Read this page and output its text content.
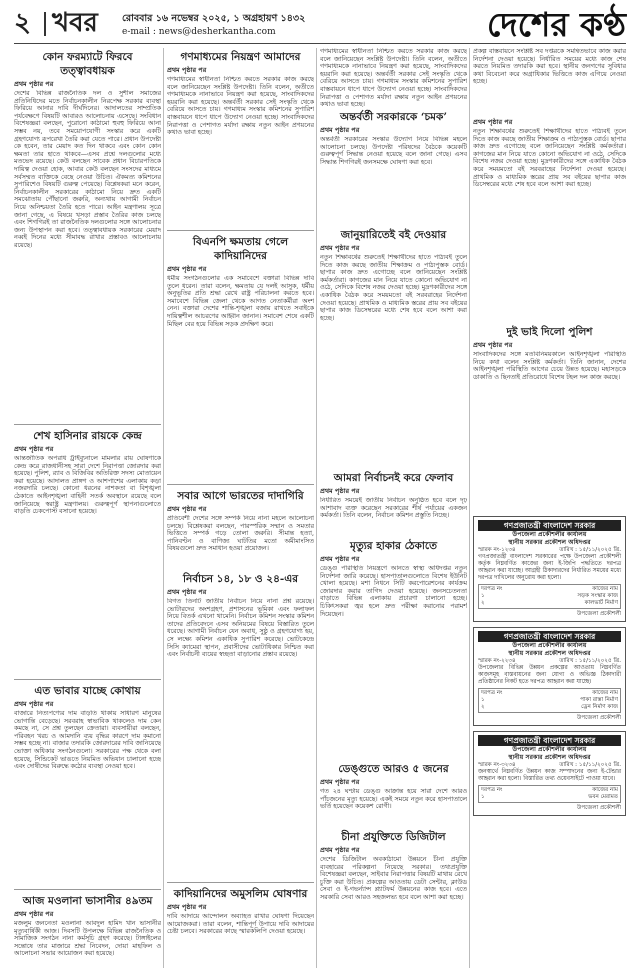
২ খবর	রোববার ১৬ নভেম্বর ২০২৫, ১ অগ্রহায়ণ ১৪৩২
e-mail : news@desherkantha.com	দেশের কণ্ঠ
কোন ফরম্যাটে ফিরবে তত্ত্বাবধায়ক
প্রথম পৃষ্ঠার পর
দেশের বিভিন্ন রাজনৈতিক দল ও সুশীল সমাজের প্রতিনিধিদের মতে নির্বাচনকালীন নিরপেক্ষ সরকার ব্যবস্থা ফিরিয়ে আনার দাবি দীর্ঘদিনের। আদালতের সাম্প্রতিক পর্যবেক্ষণে বিষয়টি আবারও আলোচনায় এসেছে। সংবিধান বিশেষজ্ঞরা বলছেন, পুরোনো কাঠামো হুবহু ফিরিয়ে আনা সম্ভব নয়, তবে সময়োপযোগী সংস্কার করে একটি গ্রহণযোগ্য রূপরেখা তৈরি করা যেতে পারে। প্রধান উপদেষ্টা কে হবেন, তার মেয়াদ কত দিন থাকবে এবং কোন কোন ক্ষমতা তার হাতে থাকবে—এসব প্রশ্নে দলগুলোর মধ্যে মতভেদ রয়েছে। কেউ বলছেন সাবেক প্রধান বিচারপতিকে দায়িত্ব দেওয়া হোক, আবার কেউ বলছেন সংসদের মাধ্যমে সর্বসম্মত ব্যক্তিকে বেছে নেওয়া উচিত। ঐকমত্য কমিশনের সুপারিশেও বিষয়টি গুরুত্ব পেয়েছে। বিশ্লেষকরা মনে করেন, নির্বাচনকালীন সরকারের কাঠামো নিয়ে দ্রুত একটি সমঝোতায় পৌঁছানো জরুরি, অন্যথায় আগামী নির্বাচন নিয়ে অনিশ্চয়তা তৈরি হতে পারে। আইন মন্ত্রণালয় সূত্রে জানা গেছে, এ বিষয়ে খসড়া প্রস্তাব তৈরির কাজ চলছে এবং শিগগিরই তা রাজনৈতিক দলগুলোর সঙ্গে আলোচনার জন্য উপস্থাপন করা হবে। তত্ত্বাবধায়ক সরকারের মেয়াদ নব্বই দিনের মধ্যে সীমাবদ্ধ রাখার প্রস্তাবও আলোচনায় রয়েছে।
শেখ হাসিনার রায়কে কেন্দ্র
প্রথম পৃষ্ঠার পর
আন্তর্জাতিক অপরাধ ট্রাইব্যুনালে মামলার রায় ঘোষণাকে কেন্দ্র করে রাজধানীসহ সারা দেশে নিরাপত্তা জোরদার করা হয়েছে। পুলিশ, র‍্যাব ও বিজিবির অতিরিক্ত সদস্য মোতায়েন করা হয়েছে। আদালত প্রাঙ্গণ ও আশপাশের এলাকায় কড়া নজরদারি চলছে। কোনো ধরনের নাশকতা বা বিশৃঙ্খলা ঠেকাতে আইনশৃঙ্খলা বাহিনী সতর্ক অবস্থানে রয়েছে বলে জানিয়েছে স্বরাষ্ট্র মন্ত্রণালয়। গুরুত্বপূর্ণ স্থাপনাগুলোতে বাড়তি চেকপোস্ট বসানো হয়েছে।
এত ভাবার যাচ্ছে কোথায়
প্রথম পৃষ্ঠার পর
বাজারে নিত্যপণ্যের দাম বাড়তি থাকায় সাধারণ মানুষের ভোগান্তি বেড়েছে। সরবরাহ স্বাভাবিক থাকলেও দাম কেন কমছে না, সে প্রশ্ন তুলছেন ক্রেতারা। ব্যবসায়ীরা বলছেন, পরিবহন খরচ ও আমদানি ব্যয় বৃদ্ধির কারণে দাম কমানো সম্ভব হচ্ছে না। বাজার তদারকি জোরদারের দাবি জানিয়েছে ভোক্তা অধিকার সংগঠনগুলো। সরকারের পক্ষ থেকে বলা হয়েছে, সিন্ডিকেট ভাঙতে নিয়মিত অভিযান চালানো হচ্ছে এবং দোষীদের বিরুদ্ধে কঠোর ব্যবস্থা নেওয়া হবে।
আজ মওলানা ভাসানীর ৪৯তম
প্রথম পৃষ্ঠার পর
মজলুম জননেতা মওলানা আবদুল হামিদ খান ভাসানীর মৃত্যুবার্ষিকী আজ। দিবসটি উপলক্ষে বিভিন্ন রাজনৈতিক ও সামাজিক সংগঠন নানা কর্মসূচি গ্রহণ করেছে। টাঙ্গাইলের সন্তোষে তার মাজারে শ্রদ্ধা নিবেদন, দোয়া মাহফিল ও আলোচনা সভার আয়োজন করা হয়েছে।
গণমাধ্যমের নিয়ন্ত্রণ আমাদের
প্রথম পৃষ্ঠার পর
গণমাধ্যমের স্বাধীনতা নিশ্চিত করতে সরকার কাজ করছে বলে জানিয়েছেন সংশ্লিষ্ট উপদেষ্টা। তিনি বলেন, অতীতে গণমাধ্যমকে নানাভাবে নিয়ন্ত্রণ করা হয়েছে, সাংবাদিকদের হয়রানি করা হয়েছে। অন্তর্বর্তী সরকার সেই সংস্কৃতি থেকে বেরিয়ে আসতে চায়। গণমাধ্যম সংস্কার কমিশনের সুপারিশ বাস্তবায়নে ধাপে ধাপে উদ্যোগ নেওয়া হচ্ছে। সাংবাদিকদের নিরাপত্তা ও পেশাগত মর্যাদা রক্ষায় নতুন আইন প্রণয়নের কথাও ভাবা হচ্ছে।
বিএনপি ক্ষমতায় গেলে কাদিয়ানিদের
প্রথম পৃষ্ঠার পর
ধর্মীয় সংগঠনগুলোর এক সমাবেশে বক্তারা বিভিন্ন দাবি তুলে ধরেন। তারা বলেন, ক্ষমতায় যে দলই আসুক, ধর্মীয় অনুভূতির প্রতি শ্রদ্ধা রেখে রাষ্ট্র পরিচালনা করতে হবে। সমাবেশে বিভিন্ন জেলা থেকে আগত নেতাকর্মীরা অংশ নেন। বক্তারা দেশের শান্তি-শৃঙ্খলা বজায় রাখতে সবাইকে দায়িত্বশীল আচরণের আহ্বান জানান। সমাবেশ শেষে একটি মিছিল বের হয়ে বিভিন্ন সড়ক প্রদক্ষিণ করে।
সবার আগে ভারতের দাদাগিরি
প্রথম পৃষ্ঠার পর
প্রতিবেশী দেশের সঙ্গে সম্পর্ক নিয়ে নানা মহলে আলোচনা চলছে। বিশ্লেষকরা বলছেন, পারস্পরিক সম্মান ও সমতার ভিত্তিতে সম্পর্ক গড়ে তোলা জরুরি। সীমান্ত হত্যা, পানিবণ্টন ও বাণিজ্য ঘাটতির মতো অমীমাংসিত বিষয়গুলো দ্রুত সমাধান হওয়া প্রয়োজন।
নির্বাচন ১৪, ১৮ ও ২৪-এর
প্রথম পৃষ্ঠার পর
বিগত তিনটি জাতীয় নির্বাচন নিয়ে নানা প্রশ্ন রয়েছে। ভোটারদের অংশগ্রহণ, প্রশাসনের ভূমিকা এবং ফলাফল নিয়ে বিতর্ক এখনো থামেনি। নির্বাচন কমিশন সংস্কার কমিশন তাদের প্রতিবেদনে এসব অনিয়মের বিষয়ে বিস্তারিত তুলে ধরেছে। আগামী নির্বাচন যেন অবাধ, সুষ্ঠু ও গ্রহণযোগ্য হয়, সে লক্ষ্যে কমিশন একাধিক সুপারিশ করেছে। ভোটকেন্দ্রে সিসি ক্যামেরা স্থাপন, প্রবাসীদের ভোটাধিকার নিশ্চিত করা এবং নির্বাচনী ব্যয়ের স্বচ্ছতা বাড়ানোর প্রস্তাব রয়েছে।
কাদিয়ানিদের অমুসলিম ঘোষণার
প্রথম পৃষ্ঠার পর
দাবি আদায়ে আন্দোলন অব্যাহত রাখার ঘোষণা দিয়েছেন আয়োজকরা। তারা বলেন, শান্তিপূর্ণ উপায়ে দাবি আদায়ের চেষ্টা চলবে। সরকারের কাছে স্মারকলিপি দেওয়া হয়েছে।
গণমাধ্যমের স্বাধীনতা নিশ্চিত করতে সরকার কাজ করছে বলে জানিয়েছেন সংশ্লিষ্ট উপদেষ্টা। তিনি বলেন, অতীতে গণমাধ্যমকে নানাভাবে নিয়ন্ত্রণ করা হয়েছে, সাংবাদিকদের হয়রানি করা হয়েছে। অন্তর্বর্তী সরকার সেই সংস্কৃতি থেকে বেরিয়ে আসতে চায়। গণমাধ্যম সংস্কার কমিশনের সুপারিশ বাস্তবায়নে ধাপে ধাপে উদ্যোগ নেওয়া হচ্ছে। সাংবাদিকদের নিরাপত্তা ও পেশাগত মর্যাদা রক্ষায় নতুন আইন প্রণয়নের কথাও ভাবা হচ্ছে।
অন্তর্বর্তী সরকারকে ‘চমক’
প্রথম পৃষ্ঠার পর
অন্তর্বর্তী সরকারের সংস্কার উদ্যোগ নিয়ে বিভিন্ন মহলে আলোচনা চলছে। উপদেষ্টা পরিষদের বৈঠকে কয়েকটি গুরুত্বপূর্ণ সিদ্ধান্ত নেওয়া হয়েছে বলে জানা গেছে। এসব সিদ্ধান্ত শিগগিরই জনসমক্ষে ঘোষণা করা হবে।
জানুয়ারিতেই বই দেওয়ার
প্রথম পৃষ্ঠার পর
নতুন শিক্ষাবর্ষের শুরুতেই শিক্ষার্থীদের হাতে পাঠ্যবই তুলে দিতে কাজ করছে জাতীয় শিক্ষাক্রম ও পাঠ্যপুস্তক বোর্ড। ছাপার কাজ দ্রুত এগোচ্ছে বলে জানিয়েছেন সংশ্লিষ্ট কর্মকর্তারা। কাগজের মান নিয়ে যাতে কোনো অভিযোগ না ওঠে, সেদিকে বিশেষ নজর দেওয়া হচ্ছে। মুদ্রণকারীদের সঙ্গে একাধিক বৈঠক করে সময়মতো বই সরবরাহের নির্দেশনা দেওয়া হয়েছে। প্রাথমিক ও মাধ্যমিক স্তরের প্রায় সব বইয়ের ছাপার কাজ ডিসেম্বরের মধ্যে শেষ হবে বলে আশা করা হচ্ছে।
আমরা নির্বাচনই করে ফেলাব
প্রথম পৃষ্ঠার পর
নির্ধারিত সময়েই জাতীয় নির্বাচন অনুষ্ঠিত হবে বলে দৃঢ় আশাবাদ ব্যক্ত করেছেন সরকারের শীর্ষ পর্যায়ের একজন কর্মকর্তা। তিনি বলেন, নির্বাচন কমিশন প্রস্তুতি নিচ্ছে।
মৃত্যুর হাকার ঠেকাতে
প্রথম পৃষ্ঠার পর
ডেঙ্গু পরিস্থিতি নিয়ন্ত্রণে আনতে স্বাস্থ্য অধিদপ্তর নতুন নির্দেশনা জারি করেছে। হাসপাতালগুলোতে বিশেষ ইউনিট খোলা হয়েছে। মশা নিধনে সিটি করপোরেশনের কার্যক্রম জোরদার করার তাগিদ দেওয়া হয়েছে। জনসচেতনতা বাড়াতে বিভিন্ন এলাকায় প্রচারণা চালানো হচ্ছে। চিকিৎসকরা জ্বর হলে দ্রুত পরীক্ষা করানোর পরামর্শ দিয়েছেন।
ডেঙ্গুতে আরও ৫ জনের
প্রথম পৃষ্ঠার পর
গত ২৪ ঘণ্টায় ডেঙ্গু আক্রান্ত হয়ে সারা দেশে আরও পাঁচজনের মৃত্যু হয়েছে। একই সময়ে নতুন করে হাসপাতালে ভর্তি হয়েছেন কয়েকশ রোগী।
চীনা প্রযুক্তিতে ডিজিটাল
প্রথম পৃষ্ঠার পর
দেশের ডিজিটাল অবকাঠামো উন্নয়নে চীনা প্রযুক্তি ব্যবহারের পরিকল্পনা নিয়েছে সরকার। তথ্যপ্রযুক্তি বিশেষজ্ঞরা বলছেন, সাইবার নিরাপত্তার বিষয়টি মাথায় রেখে চুক্তি করা উচিত। প্রকল্পের আওতায় ডেটা সেন্টার, ক্লাউড সেবা ও ই-গভর্ন্যান্স প্ল্যাটফর্ম উন্নয়নের কাজ হবে। এতে সরকারি সেবা আরও সহজলভ্য হবে বলে আশা করা হচ্ছে।
প্রকল্প বাস্তবায়নে সংশ্লিষ্ট সব দপ্তরকে সমন্বিতভাবে কাজ করার নির্দেশনা দেওয়া হয়েছে। নির্ধারিত সময়ের মধ্যে কাজ শেষ করতে নিয়মিত তদারকি করা হবে। স্থানীয় জনগণের সুবিধার কথা বিবেচনা করে অগ্রাধিকার ভিত্তিতে কাজ এগিয়ে নেওয়া হচ্ছে।
প্রথম পৃষ্ঠার পর
নতুন শিক্ষাবর্ষের শুরুতেই শিক্ষার্থীদের হাতে পাঠ্যবই তুলে দিতে কাজ করছে জাতীয় শিক্ষাক্রম ও পাঠ্যপুস্তক বোর্ড। ছাপার কাজ দ্রুত এগোচ্ছে বলে জানিয়েছেন সংশ্লিষ্ট কর্মকর্তারা। কাগজের মান নিয়ে যাতে কোনো অভিযোগ না ওঠে, সেদিকে বিশেষ নজর দেওয়া হচ্ছে। মুদ্রণকারীদের সঙ্গে একাধিক বৈঠক করে সময়মতো বই সরবরাহের নির্দেশনা দেওয়া হয়েছে। প্রাথমিক ও মাধ্যমিক স্তরের প্রায় সব বইয়ের ছাপার কাজ ডিসেম্বরের মধ্যে শেষ হবে বলে আশা করা হচ্ছে।
দুই ভাই দিলো পুলিশ
প্রথম পৃষ্ঠার পর
সাংবাদিকদের সঙ্গে মতবিনিময়কালে আইনশৃঙ্খলা পরিস্থিতি নিয়ে কথা বলেন সংশ্লিষ্ট কর্মকর্তা। তিনি জানান, দেশের আইনশৃঙ্খলা পরিস্থিতি আগের চেয়ে উন্নত হয়েছে। মহাসড়কে ডাকাতি ও ছিনতাই প্রতিরোধে বিশেষ টহল দল কাজ করছে।
গণপ্রজাতন্ত্রী বাংলাদেশ সরকার
উপজেলা প্রকৌশলীর কার্যালয়
স্থানীয় সরকার প্রকৌশল অধিদপ্তর
স্মারক নং-১২৩৪	তারিখ : ১৫/১১/২০২৫ খ্রি.
গণপ্রজাতন্ত্রী বাংলাদেশ সরকারের পক্ষে উপজেলা প্রকৌশলী কর্তৃক নিম্নবর্ণিত কাজের জন্য ই-জিপি পদ্ধতিতে দরপত্র আহ্বান করা যাচ্ছে। আগ্রহী ঠিকাদারদের নির্ধারিত সময়ের মধ্যে দরপত্র দাখিলের অনুরোধ করা হলো।
দরপত্র নং	কাজের নাম
১	সড়ক সংস্কার কাজ
২	কালভার্ট নির্মাণ
উপজেলা প্রকৌশলী
গণপ্রজাতন্ত্রী বাংলাদেশ সরকার
উপজেলা প্রকৌশলীর কার্যালয়
স্থানীয় সরকার প্রকৌশল অধিদপ্তর
স্মারক নং-২২৩৪	তারিখ : ১৫/১১/২০২৫ খ্রি.
উপজেলার বিভিন্ন উন্নয়ন প্রকল্পের আওতায় নিম্নবর্ণিত কাজসমূহ বাস্তবায়নের জন্য যোগ্য ও অভিজ্ঞ ঠিকাদারী প্রতিষ্ঠানের নিকট হতে দরপত্র আহ্বান করা যাচ্ছে।
দরপত্র নং	কাজের নাম
১	পাকা রাস্তা নির্মাণ
২	ড্রেন নির্মাণ কাজ
উপজেলা প্রকৌশলী
গণপ্রজাতন্ত্রী বাংলাদেশ সরকার
উপজেলা প্রকৌশলীর কার্যালয়
স্থানীয় সরকার প্রকৌশল অধিদপ্তর
স্মারক নং-৩২৩৪	তারিখ : ১৫/১১/২০২৫ খ্রি.
জনস্বার্থে নিম্নবর্ণিত উন্নয়ন কাজ সম্পাদনের জন্য ই-টেন্ডার আহ্বান করা হলো। বিস্তারিত তথ্য ওয়েবসাইটে পাওয়া যাবে।
দরপত্র নং	কাজের নাম
১	ভবন মেরামত
উপজেলা প্রকৌশলী
